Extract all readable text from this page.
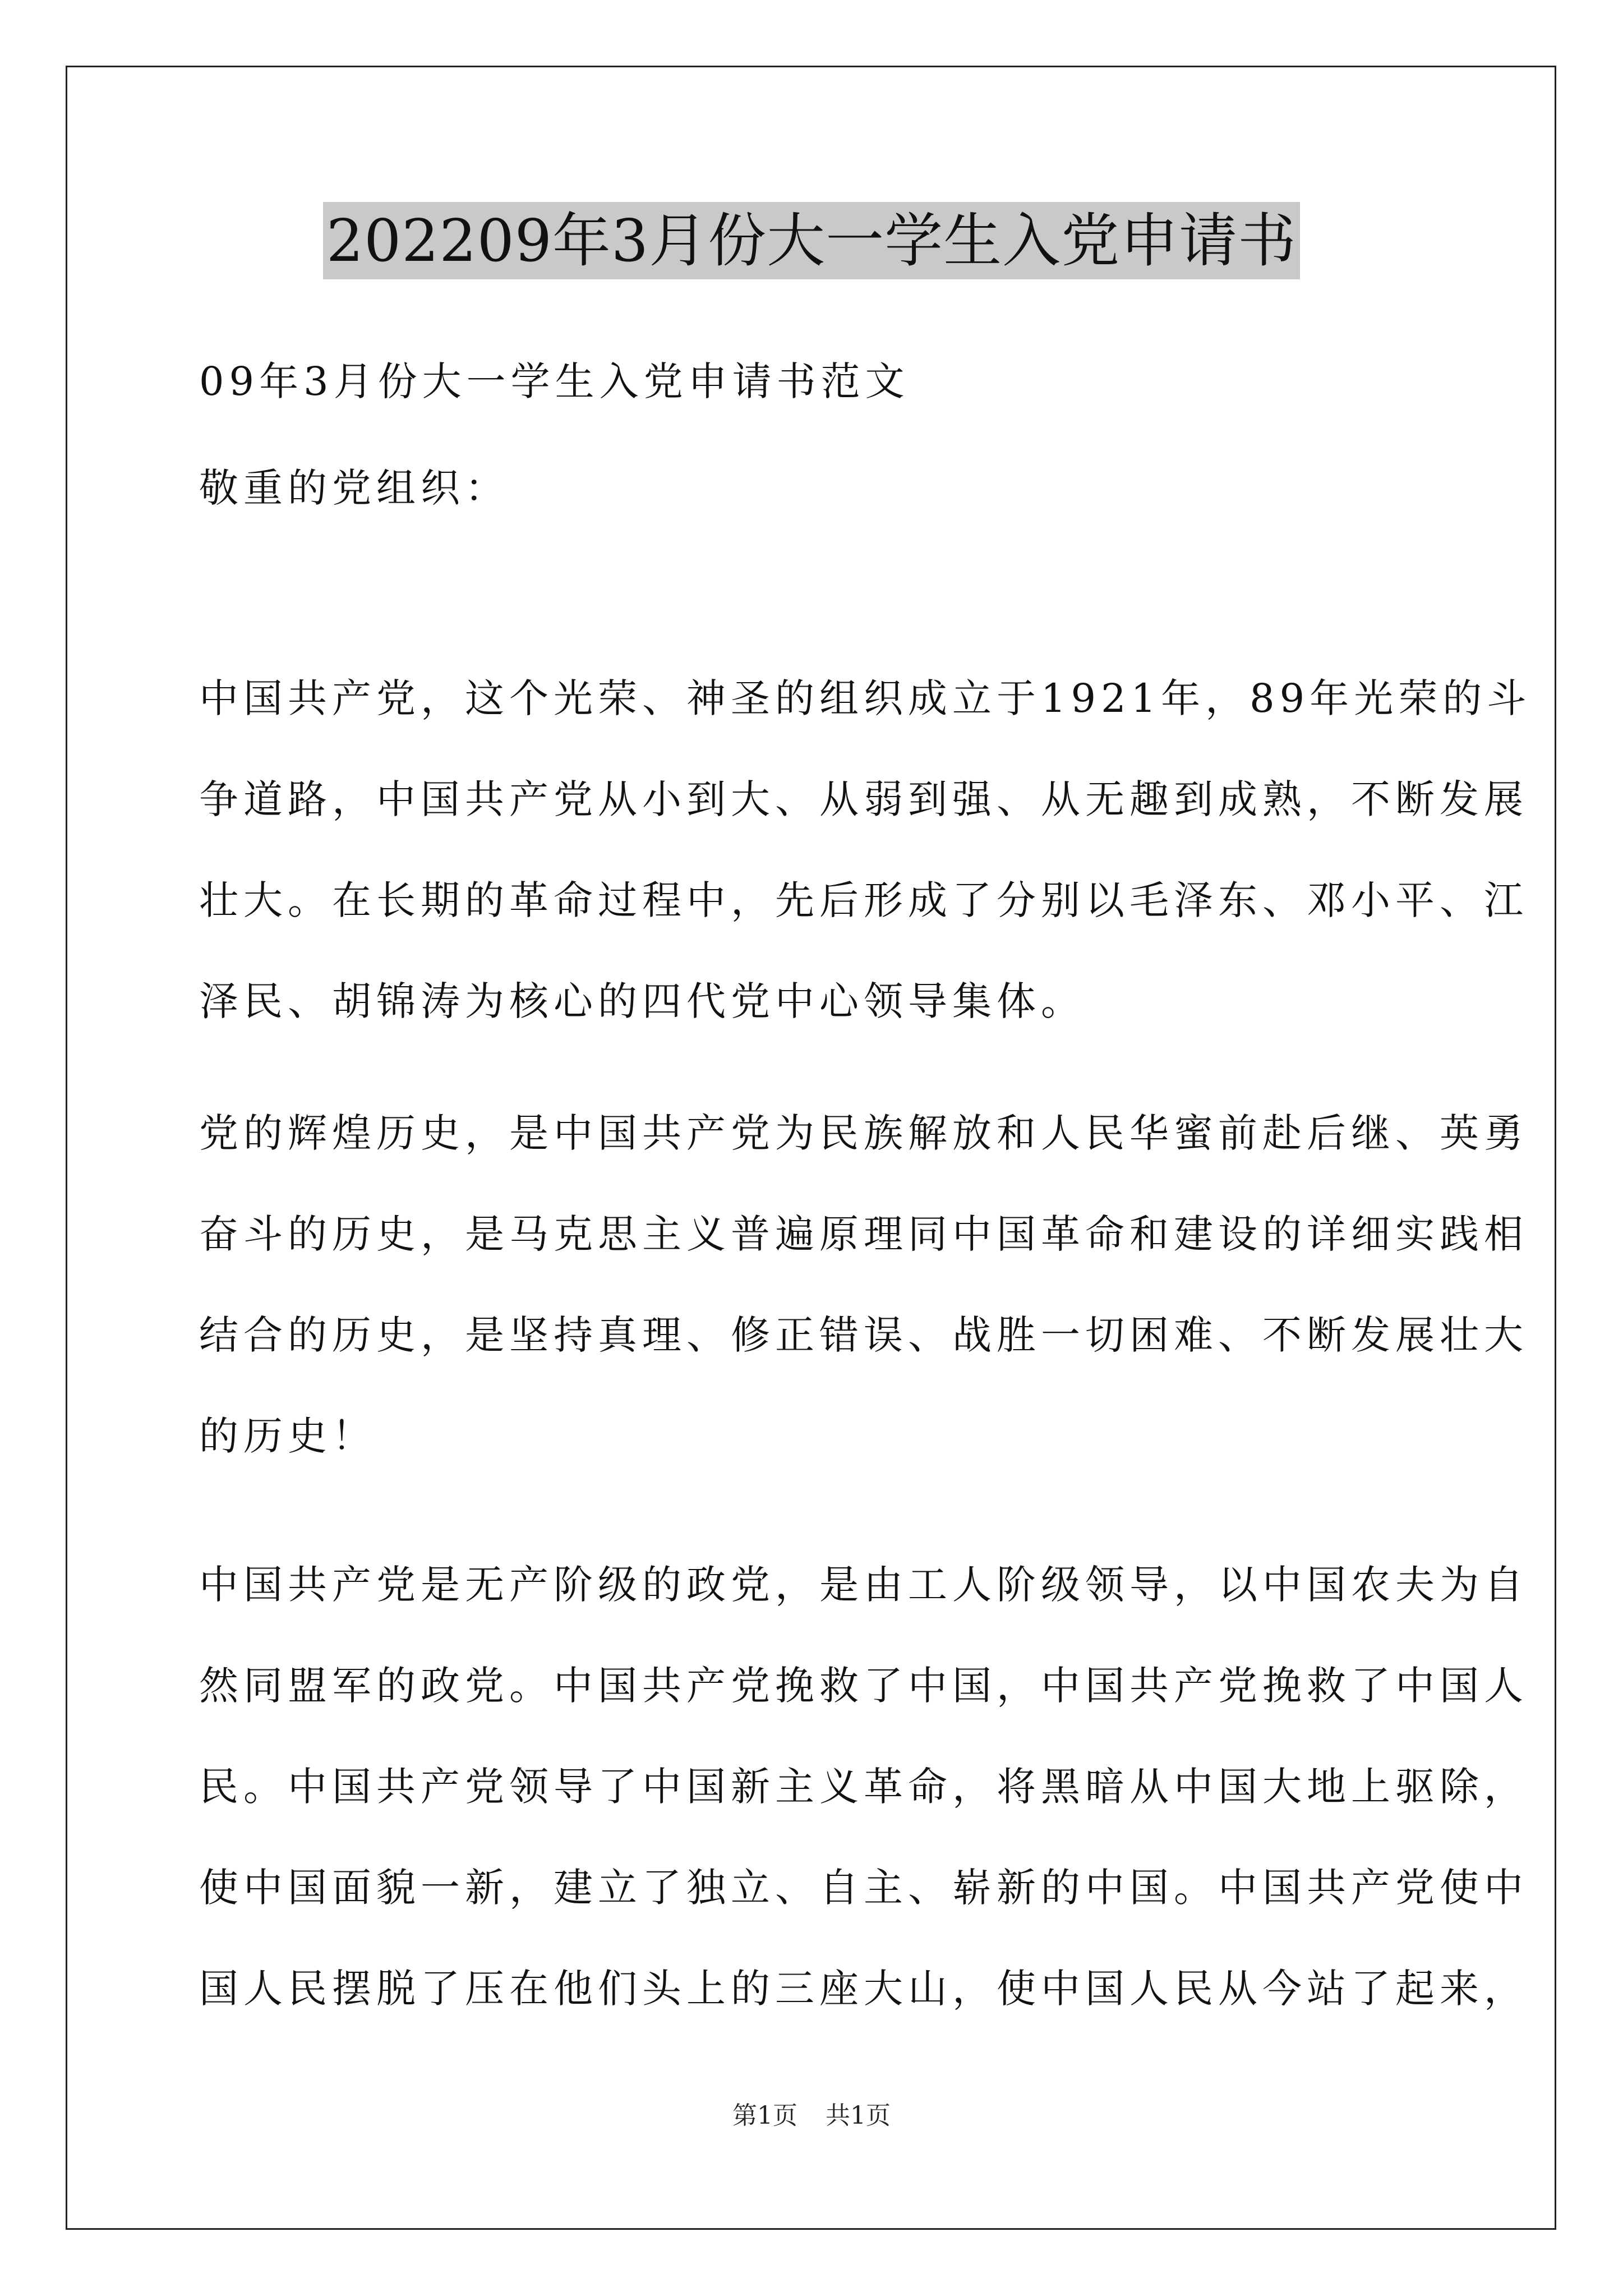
202209年3月份大一学生入党申请书

09年3月份大一学生入党申请书范文

敬重的党组织：

中国共产党，这个光荣、神圣的组织成立于1921年，89年光荣的斗
争道路，中国共产党从小到大、从弱到强、从无趣到成熟，不断发展
壮大。在长期的革命过程中，先后形成了分别以毛泽东、邓小平、江
泽民、胡锦涛为核心的四代党中心领导集体。
党的辉煌历史，是中国共产党为民族解放和人民华蜜前赴后继、英勇
奋斗的历史，是马克思主义普遍原理同中国革命和建设的详细实践相
结合的历史，是坚持真理、修正错误、战胜一切困难、不断发展壮大
的历史！
中国共产党是无产阶级的政党，是由工人阶级领导，以中国农夫为自
然同盟军的政党。中国共产党挽救了中国，中国共产党挽救了中国人
民。中国共产党领导了中国新主义革命，将黑暗从中国大地上驱除，
使中国面貌一新，建立了独立、自主、崭新的中国。中国共产党使中
国人民摆脱了压在他们头上的三座大山，使中国人民从今站了起来，
第1页 共1页
